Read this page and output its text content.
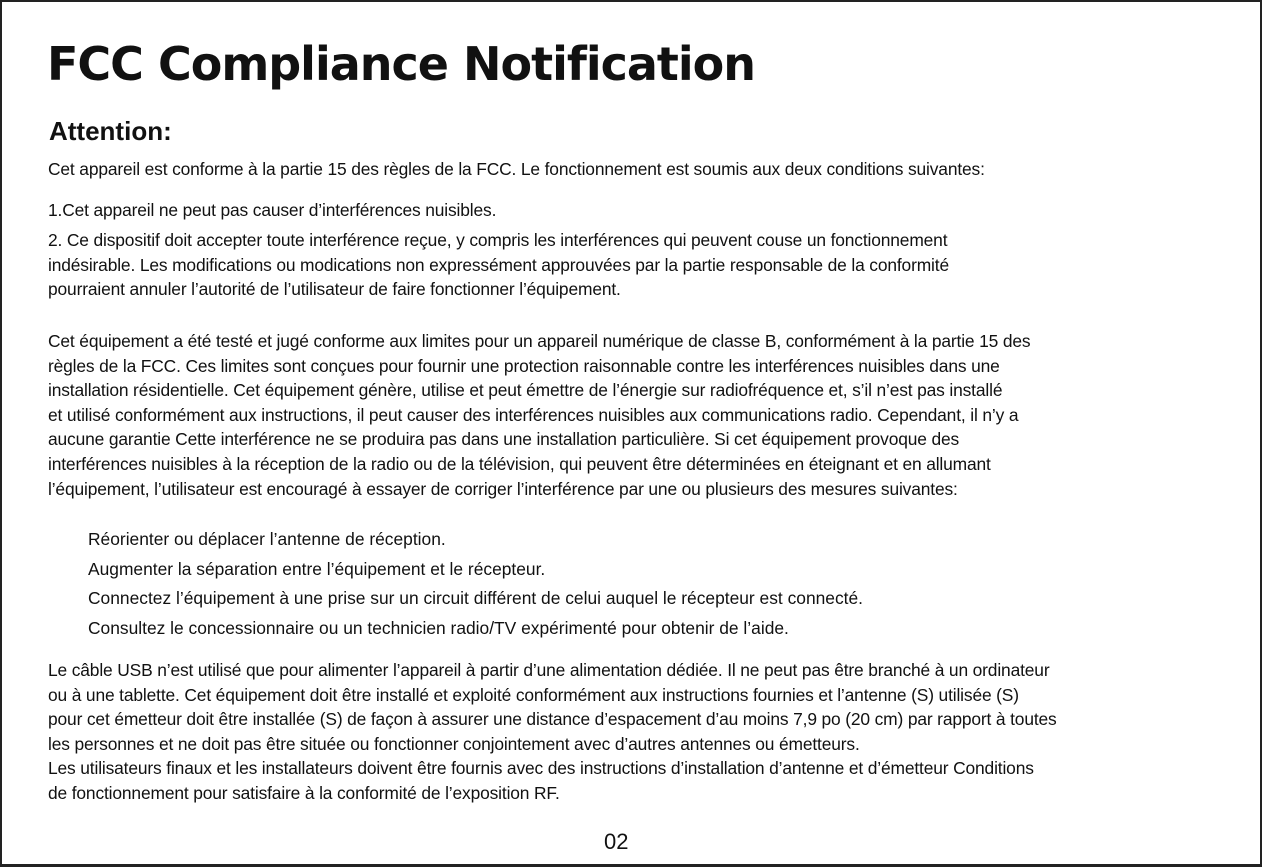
FCC Compliance Notification
Attention:

Cet appareil est conforme à la partie 15 des règles de la FCC. Le fonctionnement est soumis aux deux conditions suivantes:

1.Cet appareil ne peut pas causer d’interférences nuisibles.

2. Ce dispositif doit accepter toute interférence reçue, y compris les interférences qui peuvent couse un fonctionnement
indésirable. Les modifications ou modications non expressément approuvées par la partie responsable de la conformité
pourraient annuler l’autorité de l’utilisateur de faire fonctionner l’équipement.

Cet équipement a été testé et jugé conforme aux limites pour un appareil numérique de classe B, conformément à la partie 15 des
règles de la FCC. Ces limites sont conçues pour fournir une protection raisonnable contre les interférences nuisibles dans une
installation résidentielle. Cet équipement génère, utilise et peut émettre de l’énergie sur radiofréquence et, s’il n’est pas installé
et utilisé conformément aux instructions, il peut causer des interférences nuisibles aux communications radio. Cependant, il n’y a
aucune garantie Cette interférence ne se produira pas dans une installation particulière. Si cet équipement provoque des
interférences nuisibles à la réception de la radio ou de la télévision, qui peuvent être déterminées en éteignant et en allumant
l’équipement, l’utilisateur est encouragé à essayer de corriger l’interférence par une ou plusieurs des mesures suivantes:

Réorienter ou déplacer l’antenne de réception.
Augmenter la séparation entre l’équipement et le récepteur.
Connectez l’équipement à une prise sur un circuit différent de celui auquel le récepteur est connecté.
Consultez le concessionnaire ou un technicien radio/TV expérimenté pour obtenir de l’aide.

Le câble USB n’est utilisé que pour alimenter l’appareil à partir d’une alimentation dédiée. Il ne peut pas être branché à un ordinateur
ou à une tablette. Cet équipement doit être installé et exploité conformément aux instructions fournies et l’antenne (S) utilisée (S)
pour cet émetteur doit être installée (S) de façon à assurer une distance d’espacement d’au moins 7,9 po (20 cm) par rapport à toutes
les personnes et ne doit pas être située ou fonctionner conjointement avec d’autres antennes ou émetteurs.
Les utilisateurs finaux et les installateurs doivent être fournis avec des instructions d’installation d’antenne et d’émetteur Conditions
de fonctionnement pour satisfaire à la conformité de l’exposition RF.

02
